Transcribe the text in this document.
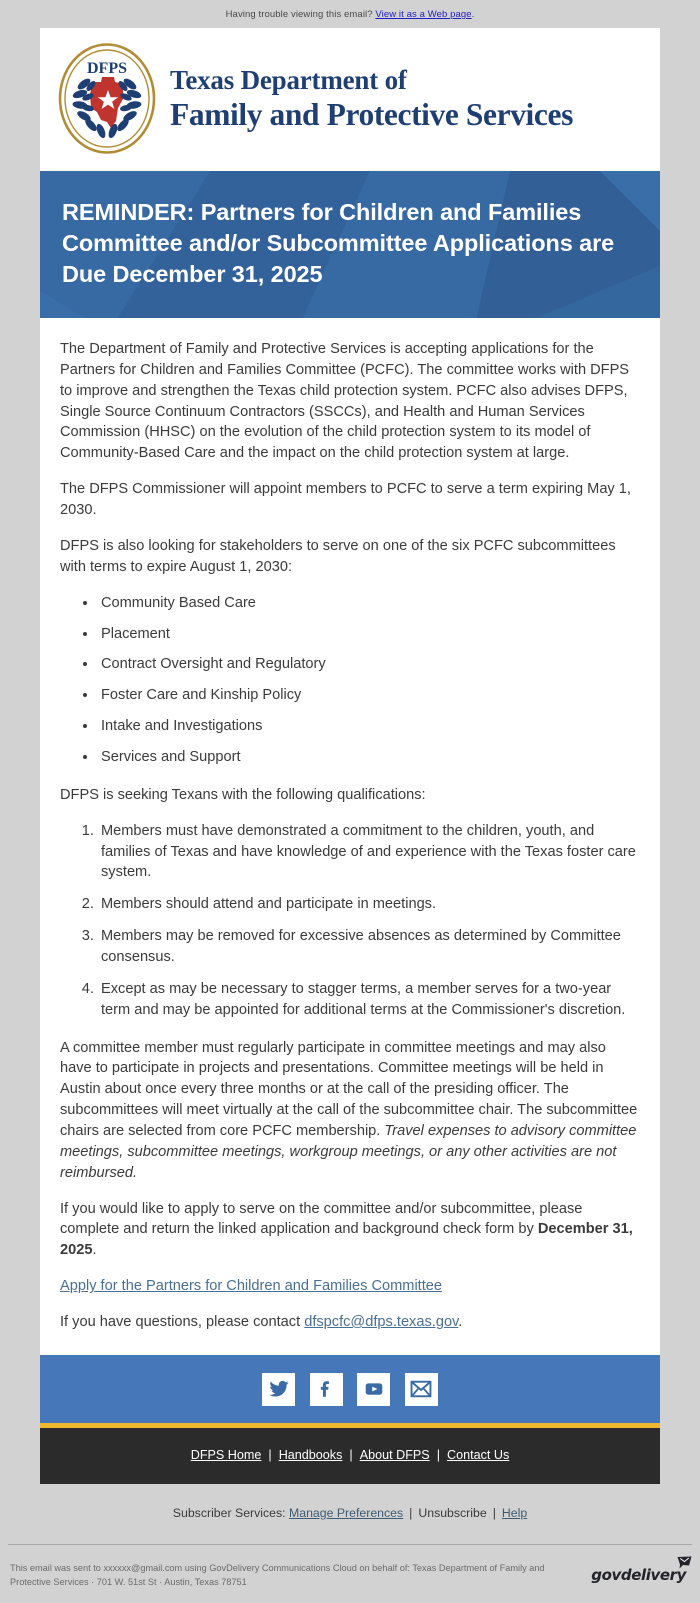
Having trouble viewing this email? View it as a Web page.
DFPS Texas Department of
Family and Protective Services
REMINDER: Partners for Children and Families Committee and/or Subcommittee Applications are Due December 31, 2025

The Department of Family and Protective Services is accepting applications for the Partners for Children and Families Committee (PCFC). The committee works with DFPS to improve and strengthen the Texas child protection system. PCFC also advises DFPS, Single Source Continuum Contractors (SSCCs), and Health and Human Services Commission (HHSC) on the evolution of the child protection system to its model of Community-Based Care and the impact on the child protection system at large.

The DFPS Commissioner will appoint members to PCFC to serve a term expiring May 1, 2030.

DFPS is also looking for stakeholders to serve on one of the six PCFC subcommittees with terms to expire August 1, 2030:

• Community Based Care
• Placement
• Contract Oversight and Regulatory
• Foster Care and Kinship Policy
• Intake and Investigations
• Services and Support

DFPS is seeking Texans with the following qualifications:

1. Members must have demonstrated a commitment to the children, youth, and families of Texas and have knowledge of and experience with the Texas foster care system.
2. Members should attend and participate in meetings.
3. Members may be removed for excessive absences as determined by Committee consensus.
4. Except as may be necessary to stagger terms, a member serves for a two-year term and may be appointed for additional terms at the Commissioner's discretion.

A committee member must regularly participate in committee meetings and may also have to participate in projects and presentations. Committee meetings will be held in Austin about once every three months or at the call of the presiding officer. The subcommittees will meet virtually at the call of the subcommittee chair. The subcommittee chairs are selected from core PCFC membership. Travel expenses to advisory committee meetings, subcommittee meetings, workgroup meetings, or any other activities are not reimbursed.

If you would like to apply to serve on the committee and/or subcommittee, please complete and return the linked application and background check form by December 31, 2025.

Apply for the Partners for Children and Families Committee

If you have questions, please contact dfspcfc@dfps.texas.gov.

DFPS Home | Handbooks | About DFPS | Contact Us
Subscriber Services: Manage Preferences | Unsubscribe | Help
This email was sent to xxxxxx@gmail.com using GovDelivery Communications Cloud on behalf of: Texas Department of Family and Protective Services · 701 W. 51st St · Austin, Texas 78751	govdelivery
